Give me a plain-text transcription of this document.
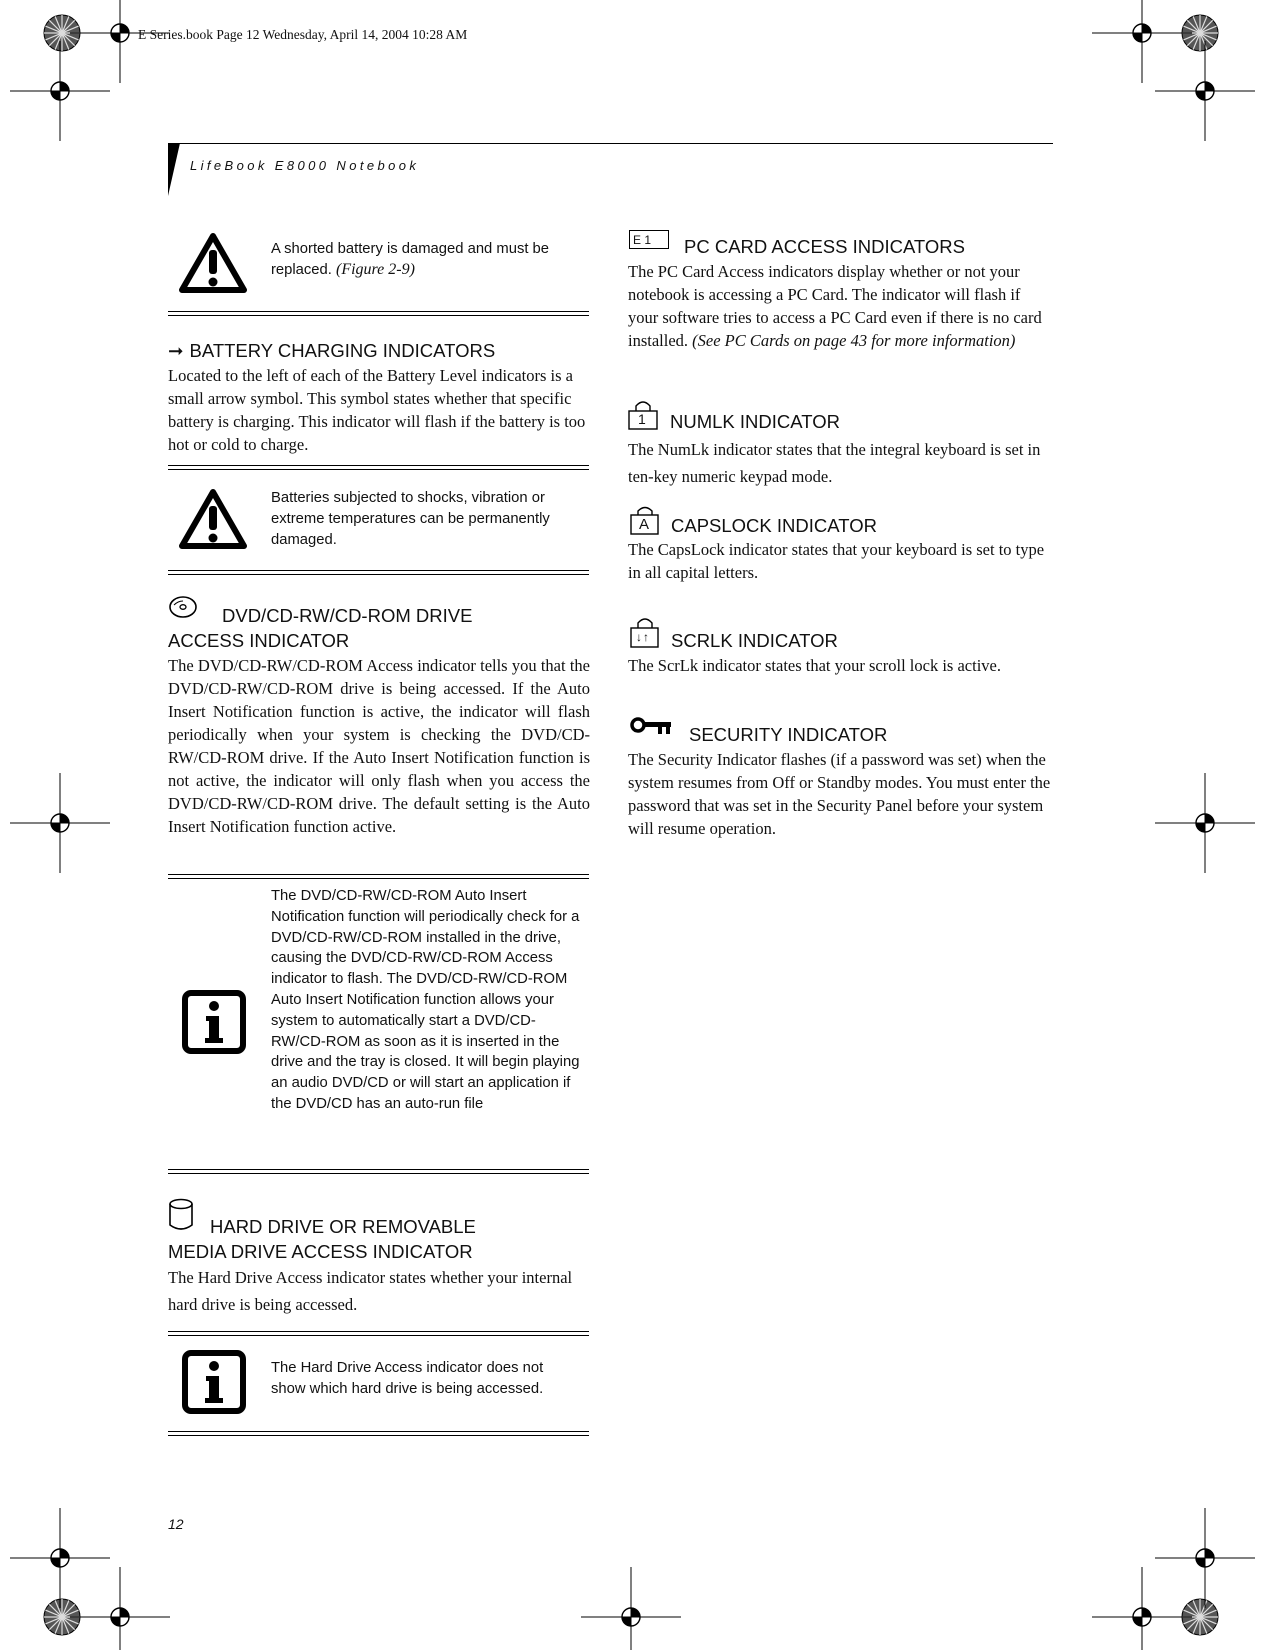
E Series.book Page 12 Wednesday, April 14, 2004 10:28 AM
LifeBook E8000 Notebook
A shorted battery is damaged and must be replaced. (Figure 2-9)
➞ BATTERY CHARGING INDICATORS
Located to the left of each of the Battery Level indicators is a small arrow symbol. This symbol states whether that specific battery is charging. This indicator will flash if the battery is too hot or cold to charge.
Batteries subjected to shocks, vibration or extreme temperatures can be permanently damaged.
DVD/CD-RW/CD-ROM DRIVE
ACCESS INDICATOR
The DVD/CD-RW/CD-ROM Access indicator tells you that the DVD/CD-RW/CD-ROM drive is being accessed. If the Auto Insert Notification function is active, the indicator will flash periodically when your system is checking the DVD/CD-RW/CD-ROM drive. If the Auto Insert Notification function is not active, the indicator will only flash when you access the DVD/CD-RW/CD-ROM drive. The default setting is the Auto Insert Notification function active.
The DVD/CD-RW/CD-ROM Auto Insert Notification function will periodically check for a DVD/CD-RW/CD-ROM installed in the drive, causing the DVD/CD-RW/CD-ROM Access indicator to flash. The DVD/CD-RW/CD-ROM Auto Insert Notification function allows your system to automatically start a DVD/CD-RW/CD-ROM as soon as it is inserted in the drive and the tray is closed. It will begin playing an audio DVD/CD or will start an application if the DVD/CD has an auto-run file
HARD DRIVE OR REMOVABLE
MEDIA DRIVE ACCESS INDICATOR
The Hard Drive Access indicator states whether your internal hard drive is being accessed.
The Hard Drive Access indicator does not show which hard drive is being accessed.
E 1	PC CARD ACCESS INDICATORS
The PC Card Access indicators display whether or not your notebook is accessing a PC Card. The indicator will flash if your software tries to access a PC Card even if there is no card installed. (See PC Cards on page 43 for more information)
1 NUMLK INDICATOR
The NumLk indicator states that the integral keyboard is set in ten-key numeric keypad mode.
A CAPSLOCK INDICATOR
The CapsLock indicator states that your keyboard is set to type in all capital letters.
↓↑ SCRLK INDICATOR
The ScrLk indicator states that your scroll lock is active.
SECURITY INDICATOR
The Security Indicator flashes (if a password was set) when the system resumes from Off or Standby modes. You must enter the password that was set in the Security Panel before your system will resume operation.
12
